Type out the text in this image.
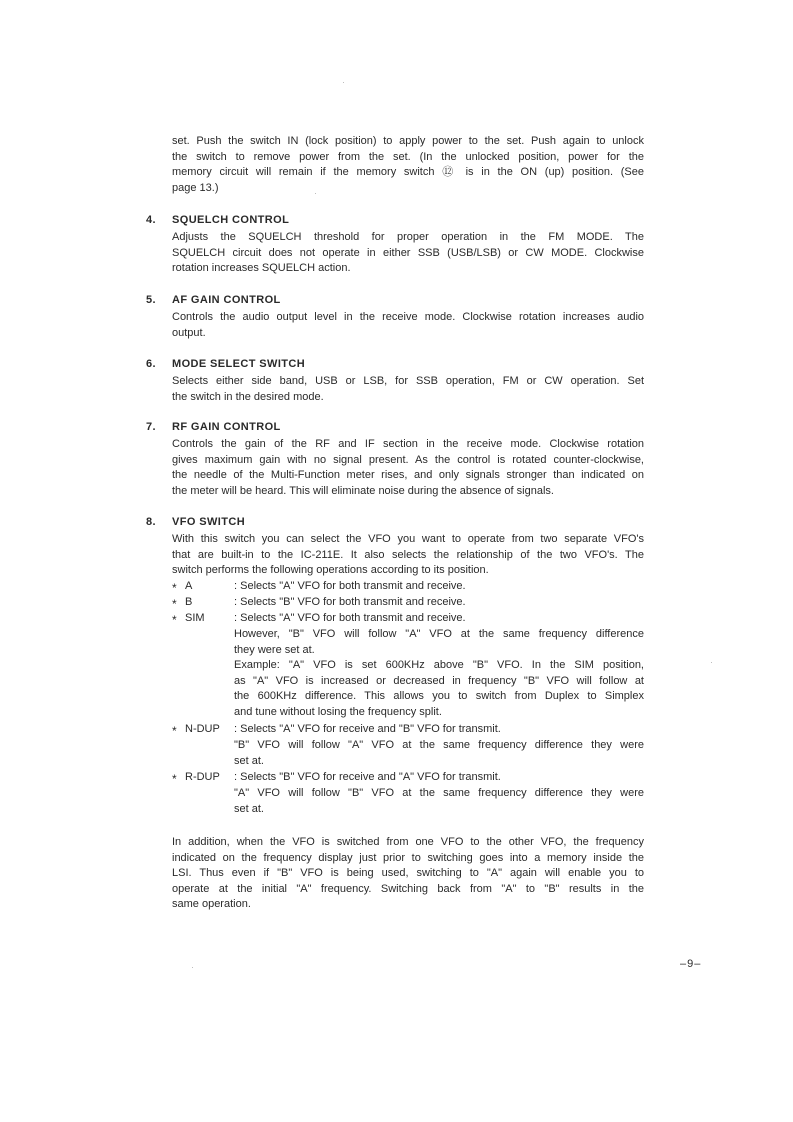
set. Push the switch IN (lock position) to apply power to the set. Push again to unlock
the switch to remove power from the set. (In the unlocked position, power for the
memory circuit will remain if the memory switch ⑫ is in the ON (up) position. (See
page 13.)
4. SQUELCH CONTROL
Adjusts the SQUELCH threshold for proper operation in the FM MODE. The
SQUELCH circuit does not operate in either SSB (USB/LSB) or CW MODE. Clockwise
rotation increases SQUELCH action.
5. AF GAIN CONTROL
Controls the audio output level in the receive mode. Clockwise rotation increases audio
output.
6. MODE SELECT SWITCH
Selects either side band, USB or LSB, for SSB operation, FM or CW operation. Set
the switch in the desired mode.
7. RF GAIN CONTROL
Controls the gain of the RF and IF section in the receive mode. Clockwise rotation
gives maximum gain with no signal present. As the control is rotated counter-clockwise,
the needle of the Multi-Function meter rises, and only signals stronger than indicated on
the meter will be heard. This will eliminate noise during the absence of signals.
8. VFO SWITCH
With this switch you can select the VFO you want to operate from two separate VFO's
that are built-in to the IC-211E. It also selects the relationship of the two VFO's. The
switch performs the following operations according to its position.
* A	: Selects "A" VFO for both transmit and receive.
* B	: Selects "B" VFO for both transmit and receive.
* SIM	: Selects "A" VFO for both transmit and receive.
However, "B" VFO will follow "A" VFO at the same frequency difference
they were set at.
Example: "A" VFO is set 600KHz above "B" VFO. In the SIM position,
as "A" VFO is increased or decreased in frequency "B" VFO will follow at
the 600KHz difference. This allows you to switch from Duplex to Simplex
and tune without losing the frequency split.
* N-DUP : Selects "A" VFO for receive and "B" VFO for transmit.
"B" VFO will follow "A" VFO at the same frequency difference they were
set at.
* R-DUP : Selects "B" VFO for receive and "A" VFO for transmit.
"A" VFO will follow "B" VFO at the same frequency difference they were
set at.
In addition, when the VFO is switched from one VFO to the other VFO, the frequency
indicated on the frequency display just prior to switching goes into a memory inside the
LSI. Thus even if "B" VFO is being used, switching to "A" again will enable you to
operate at the initial "A" frequency. Switching back from "A" to "B" results in the
same operation.
–9–
